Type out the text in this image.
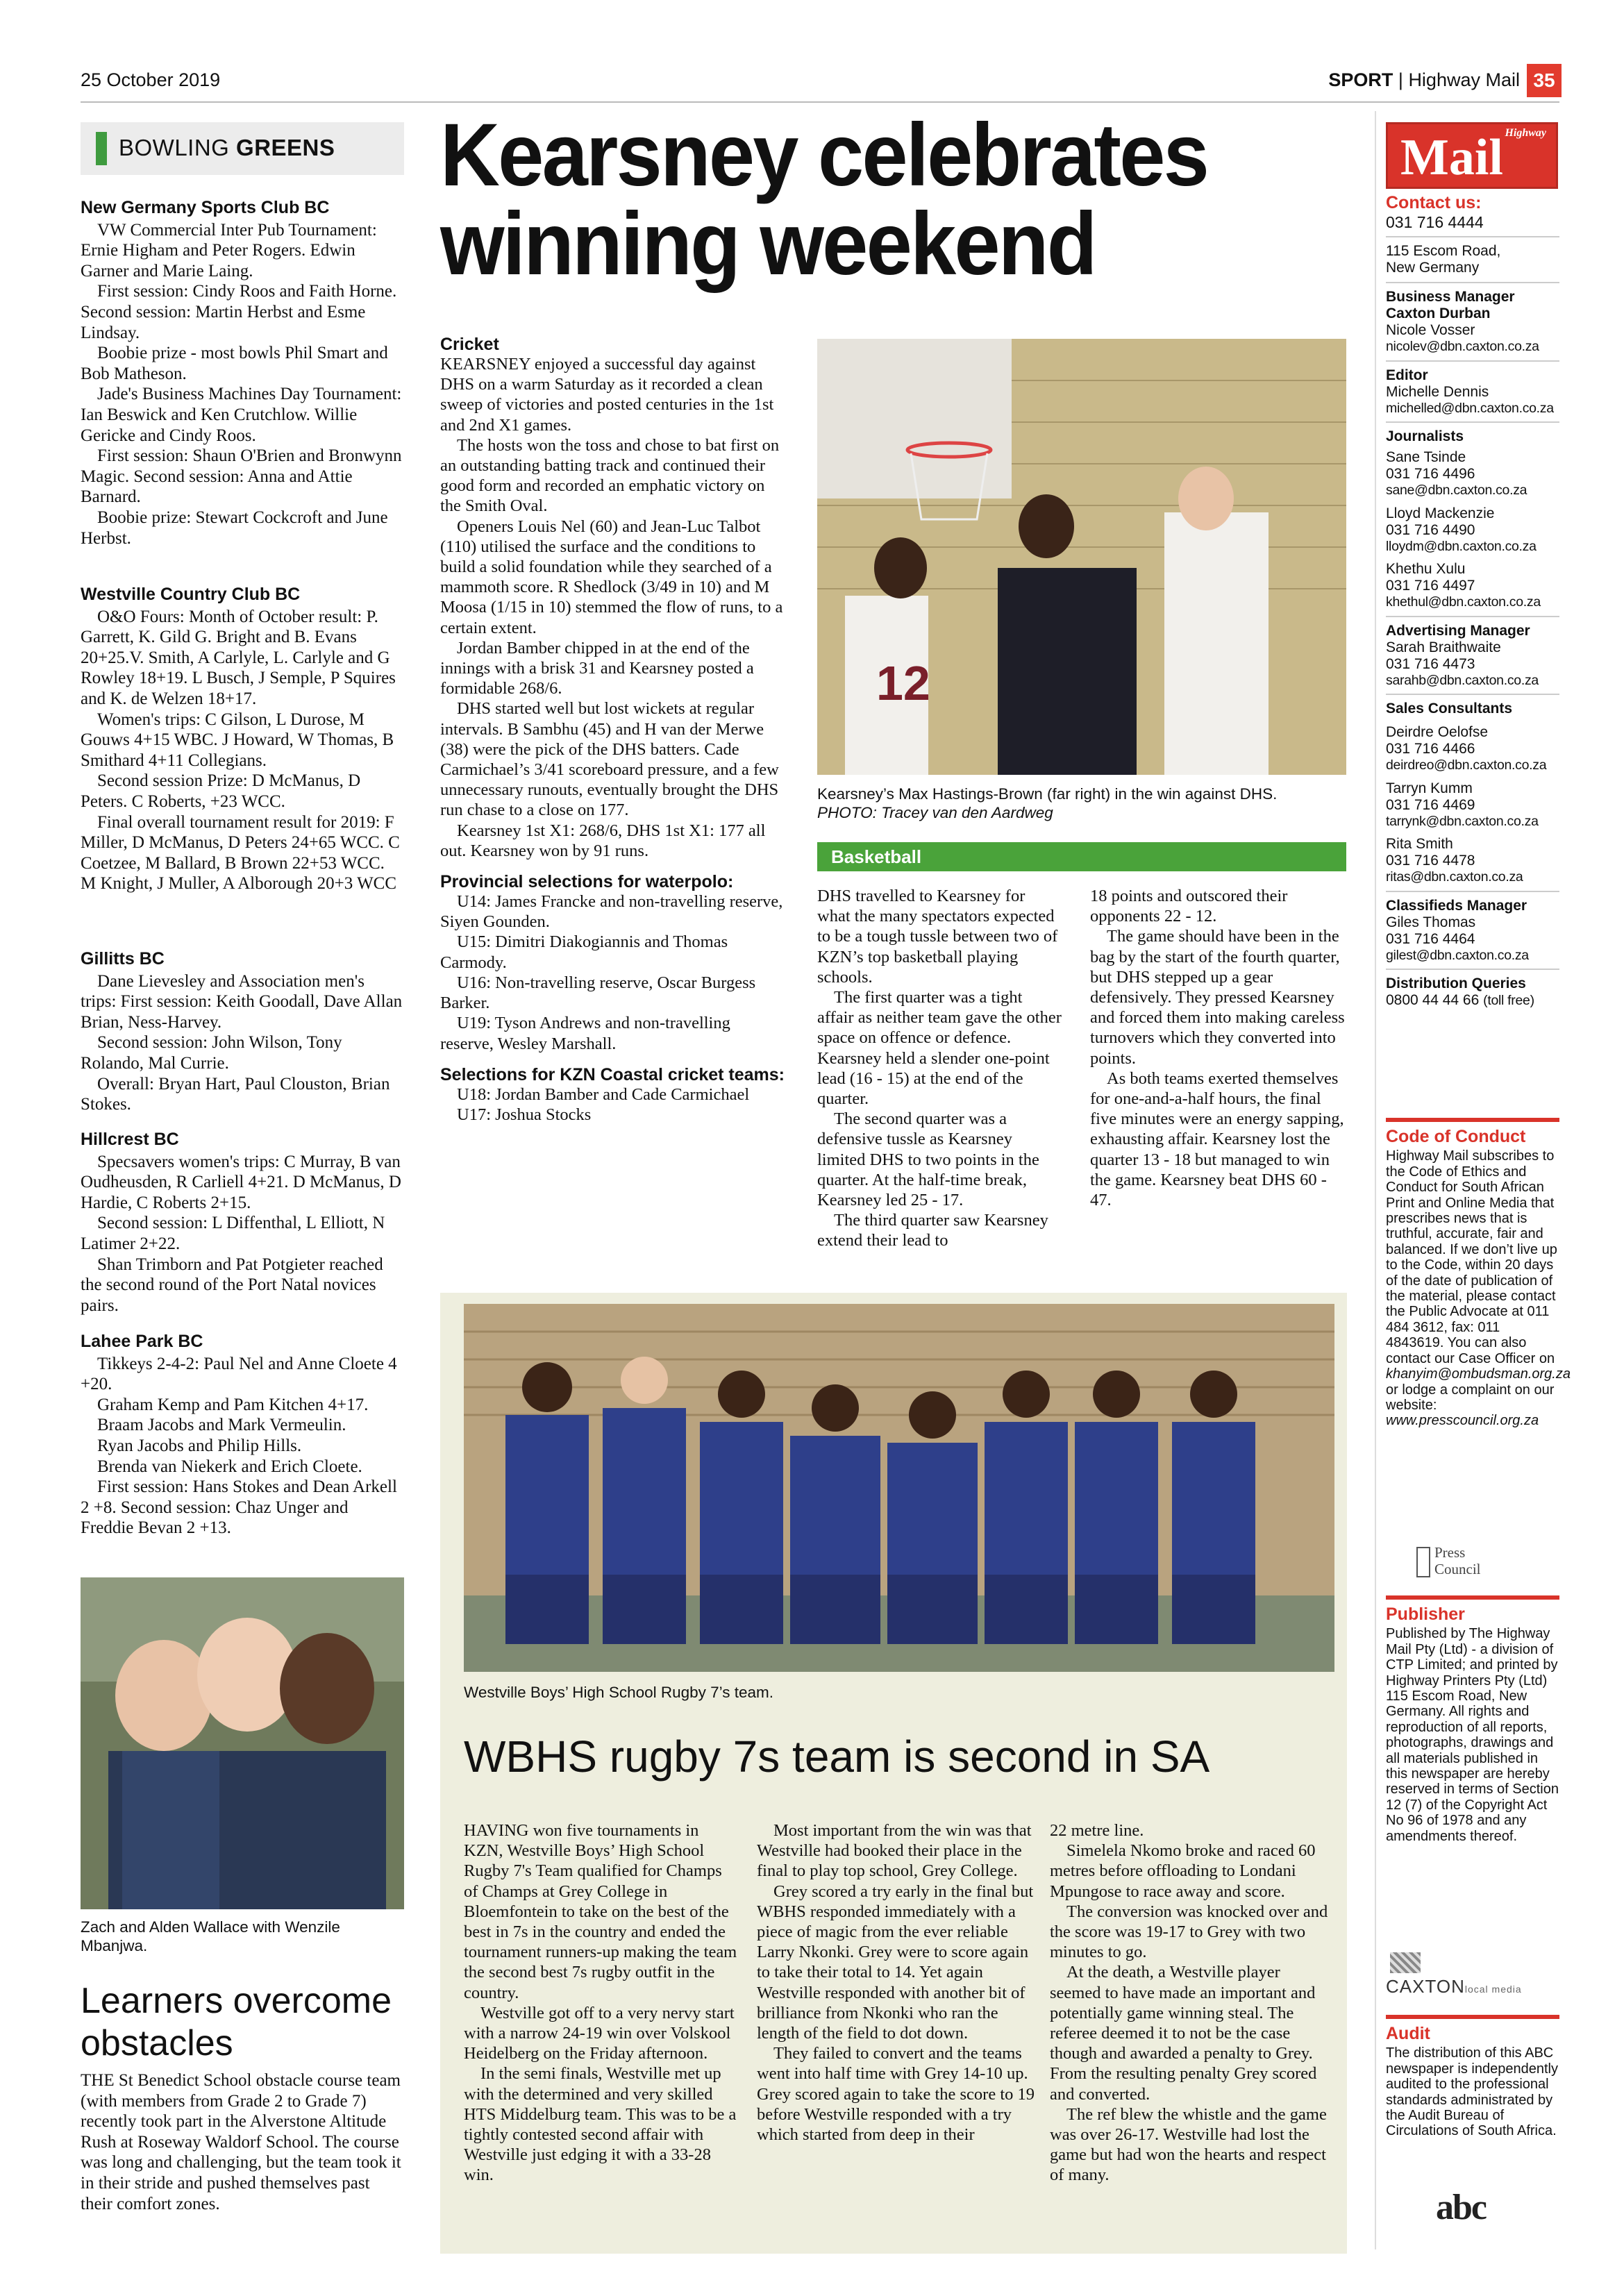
25 October 2019	SPORT | Highway Mail 35
BOWLING GREENS
New Germany Sports Club BC

VW Commercial Inter Pub Tournament: Ernie Higham and Peter Rogers. Edwin Garner and Marie Laing.

First session: Cindy Roos and Faith Horne. Second session: Martin Herbst and Esme Lindsay.

Boobie prize - most bowls Phil Smart and Bob Matheson.

Jade's Business Machines Day Tournament: Ian Beswick and Ken Crutchlow. Willie Gericke and Cindy Roos.

First session: Shaun O'Brien and Bronwynn Magic. Second session: Anna and Attie Barnard.

Boobie prize: Stewart Cockcroft and June Herbst.

Westville Country Club BC

O&O Fours: Month of October result: P. Garrett, K. Gild G. Bright and B. Evans 20+25.V. Smith, A Carlyle, L. Carlyle and G Rowley 18+19. L Busch, J Semple, P Squires and K. de Welzen 18+17.

Women's trips: C Gilson, L Durose, M Gouws 4+15 WBC. J Howard, W Thomas, B Smithard 4+11 Collegians.

Second session Prize: D McManus, D Peters. C Roberts, +23 WCC.

Final overall tournament result for 2019: F Miller, D McManus, D Peters 24+65 WCC. C Coetzee, M Ballard, B Brown 22+53 WCC. M Knight, J Muller, A Alborough 20+3 WCC

Gillitts BC

Dane Lievesley and Association men's trips: First session: Keith Goodall, Dave Allan Brian, Ness-Harvey.

Second session: John Wilson, Tony Rolando, Mal Currie.

Overall: Bryan Hart, Paul Clouston, Brian Stokes.

Hillcrest BC

Specsavers women's trips: C Murray, B van Oudheusden, R Carliell 4+21. D McManus, D Hardie, C Roberts 2+15.

Second session: L Diffenthal, L Elliott, N Latimer 2+22.

Shan Trimborn and Pat Potgieter reached the second round of the Port Natal novices pairs.

Lahee Park BC

Tikkeys 2-4-2: Paul Nel and Anne Cloete 4 +20.

Graham Kemp and Pam Kitchen 4+17.

Braam Jacobs and Mark Vermeulin.

Ryan Jacobs and Philip Hills.

Brenda van Niekerk and Erich Cloete.

First session: Hans Stokes and Dean Arkell 2 +8. Second session: Chaz Unger and Freddie Bevan 2 +13.

Zach and Alden Wallace with Wenzile
Mbanjwa.
Learners overcome
obstacles

THE St Benedict School obstacle course team (with members from Grade 2 to Grade 7) recently took part in the Alverstone Altitude Rush at Roseway Waldorf School. The course was long and challenging, but the team took it in their stride and pushed themselves past their comfort zones.

Kearsney celebrates
winning weekend
Cricket

KEARSNEY enjoyed a successful day against DHS on a warm Saturday as it recorded a clean sweep of victories and posted centuries in the 1st and 2nd X1 games.

The hosts won the toss and chose to bat first on an outstanding batting track and continued their good form and recorded an emphatic victory on the Smith Oval.

Openers Louis Nel (60) and Jean-Luc Talbot (110) utilised the surface and the conditions to build a solid foundation while they searched of a mammoth score. R Shedlock (3/49 in 10) and M Moosa (1/15 in 10) stemmed the flow of runs, to a certain extent.

Jordan Bamber chipped in at the end of the innings with a brisk 31 and Kearsney posted a formidable 268/6.

DHS started well but lost wickets at regular intervals. B Sambhu (45) and H van der Merwe (38) were the pick of the DHS batters. Cade Carmichael’s 3/41 scoreboard pressure, and a few unnecessary runouts, eventually brought the DHS run chase to a close on 177.

Kearsney 1st X1: 268/6, DHS 1st X1: 177 all out. Kearsney won by 91 runs.

Provincial selections for waterpolo:

U14: James Francke and non-travelling reserve, Siyen Gounden.

U15: Dimitri Diakogiannis and Thomas Carmody.

U16: Non-travelling reserve, Oscar Burgess Barker.

U19: Tyson Andrews and non-travelling reserve, Wesley Marshall.

Selections for KZN Coastal cricket teams:

U18: Jordan Bamber and Cade Carmichael

U17: Joshua Stocks

12
Kearsney’s Max Hastings-Brown (far right) in the win against DHS.
PHOTO: Tracey van den Aardweg
Basketball

DHS travelled to Kearsney for what the many spectators expected to be a tough tussle between two of KZN’s top basketball playing schools.

The first quarter was a tight affair as neither team gave the other space on offence or defence. Kearsney held a slender one-point lead (16 - 15) at the end of the quarter.

The second quarter was a defensive tussle as Kearsney limited DHS to two points in the quarter. At the half-time break, Kearsney led 25 - 17.

The third quarter saw Kearsney extend their lead to

18 points and outscored their opponents 22 - 12.

The game should have been in the bag by the start of the fourth quarter, but DHS stepped up a gear defensively. They pressed Kearsney and forced them into making careless turnovers which they converted into points.

As both teams exerted themselves for one-and-a-half hours, the final five minutes were an energy sapping, exhausting affair. Kearsney lost the quarter 13 - 18 but managed to win the game. Kearsney beat DHS 60 - 47.

Westville Boys’ High School Rugby 7’s team.
WBHS rugby 7s team is second in SA

HAVING won five tournaments in KZN, Westville Boys’ High School Rugby 7's Team qualified for Champs of Champs at Grey College in Bloemfontein to take on the best of the best in 7s in the country and ended the tournament runners-up making the team the second best 7s rugby outfit in the country.

Westville got off to a very nervy start with a narrow 24-19 win over Volskool Heidelberg on the Friday afternoon.

In the semi finals, Westville met up with the determined and very skilled HTS Middelburg team. This was to be a tightly contested second affair with Westville just edging it with a 33-28 win.

Most important from the win was that Westville had booked their place in the final to play top school, Grey College.

Grey scored a try early in the final but WBHS responded immediately with a piece of magic from the ever reliable Larry Nkonki. Grey were to score again to take their total to 14. Yet again Westville responded with another bit of brilliance from Nkonki who ran the length of the field to dot down.

They failed to convert and the teams went into half time with Grey 14-10 up. Grey scored again to take the score to 19 before Westville responded with a try which started from deep in their

22 metre line.

Simelela Nkomo broke and raced 60 metres before offloading to Londani Mpungose to race away and score.

The conversion was knocked over and the score was 19-17 to Grey with two minutes to go.

At the death, a Westville player seemed to have made an important and potentially game winning steal. The referee deemed it to not be the case though and awarded a penalty to Grey. From the resulting penalty Grey scored and converted.

The ref blew the whistle and the game was over 26-17. Westville had lost the game but had won the hearts and respect of many.

Highway
Mail
Contact us:
031 716 4444
115 Escom Road,
New Germany
Business Manager
Caxton Durban
Nicole Vosser
nicolev@dbn.caxton.co.za
Editor
Michelle Dennis
michelled@dbn.caxton.co.za
Journalists
Sane Tsinde
031 716 4496
sane@dbn.caxton.co.za
Lloyd Mackenzie
031 716 4490
lloydm@dbn.caxton.co.za
Khethu Xulu
031 716 4497
khethul@dbn.caxton.co.za
Advertising Manager
Sarah Braithwaite
031 716 4473
sarahb@dbn.caxton.co.za
Sales Consultants
Deirdre Oelofse
031 716 4466
deirdreo@dbn.caxton.co.za
Tarryn Kumm
031 716 4469
tarrynk@dbn.caxton.co.za
Rita Smith
031 716 4478
ritas@dbn.caxton.co.za
Classifieds Manager
Giles Thomas
031 716 4464
gilest@dbn.caxton.co.za
Distribution Queries
0800 44 44 66 (toll free)
Code of Conduct
Highway Mail subscribes to the Code of Ethics and Conduct for South African Print and Online Media that prescribes news that is truthful, accurate, fair and balanced. If we don’t live up to the Code, within 20 days of the date of publication of the material, please contact the Public Advocate at 011 484 3612, fax: 011 4843619. You can also contact our Case Officer on khanyim@ombudsman.org.za or lodge a complaint on our website: www.presscouncil.org.za
Press
Council
Publisher
Published by The Highway Mail Pty (Ltd) - a division of CTP Limited; and printed by Highway Printers Pty (Ltd) 115 Escom Road, New Germany. All rights and reproduction of all reports, photographs, drawings and all materials published in this newspaper are hereby reserved in terms of Section 12 (7) of the Copyright Act No 96 of 1978 and any amendments thereof.
CAXTONlocal media
Audit
The distribution of this ABC newspaper is independently audited to the professional standards administrated by the Audit Bureau of Circulations of South Africa.
abc
